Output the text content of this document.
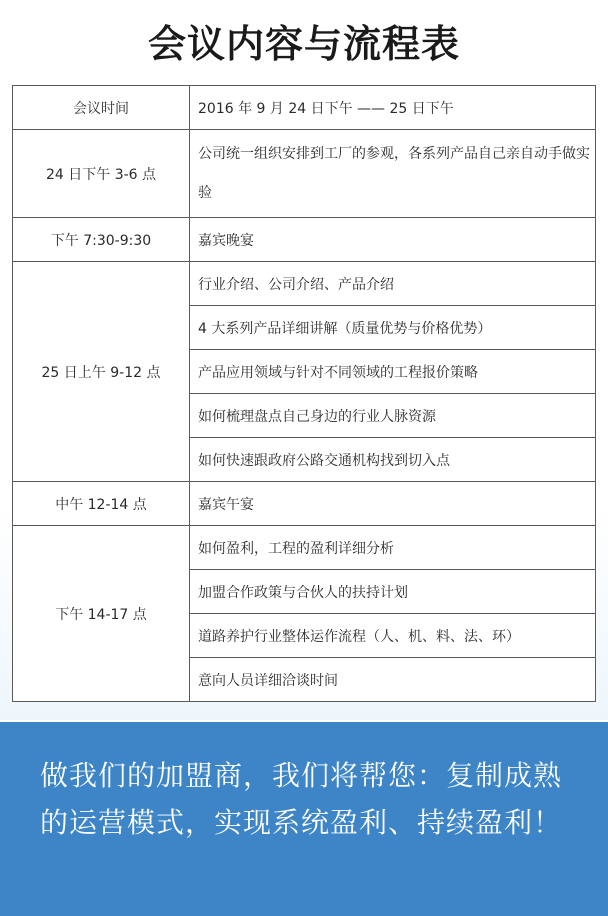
会议内容与流程表
会议时间	2016 年 9 月 24 日下午 —— 25 日下午
24 日下午 3-6 点	公司统一组织安排到工厂的参观，各系列产品自己亲自动手做实验
下午 7:30-9:30	嘉宾晚宴
25 日上午 9-12 点	行业介绍、公司介绍、产品介绍
	4 大系列产品详细讲解（质量优势与价格优势）
	产品应用领域与针对不同领域的工程报价策略
	如何梳理盘点自己身边的行业人脉资源
	如何快速跟政府公路交通机构找到切入点
中午 12-14 点	嘉宾午宴
下午 14-17 点	如何盈利，工程的盈利详细分析
	加盟合作政策与合伙人的扶持计划
	道路养护行业整体运作流程（人、机、料、法、环）
	意向人员详细洽谈时间
做我们的加盟商，我们将帮您：复制成熟的运营模式，实现系统盈利、持续盈利！
